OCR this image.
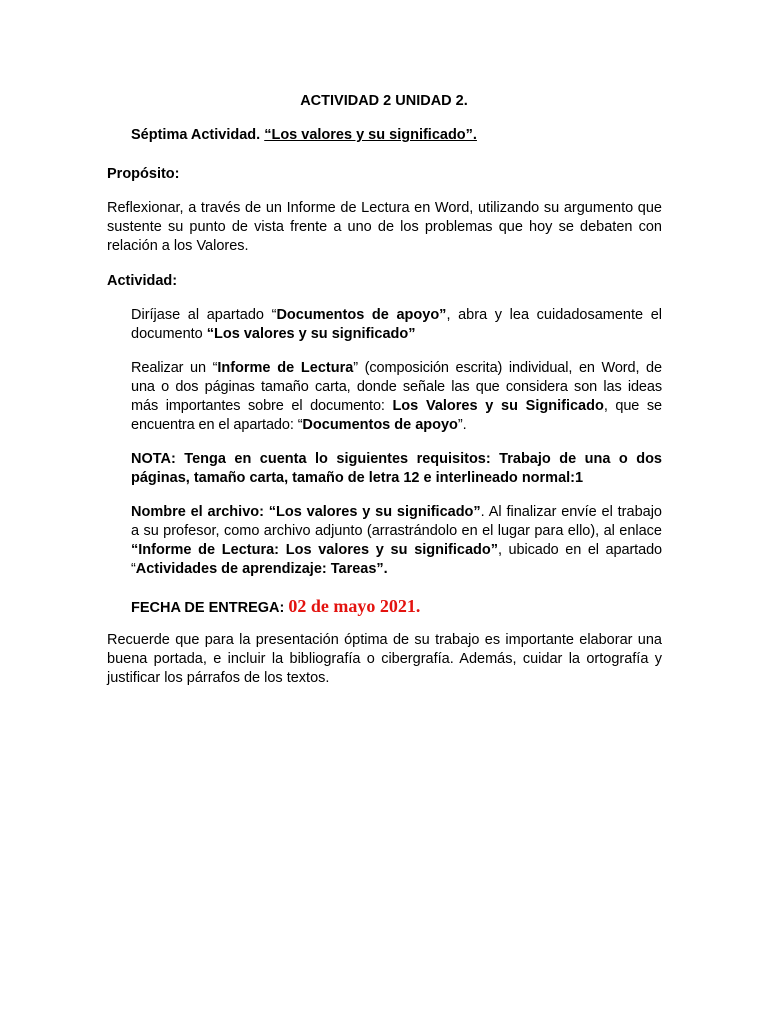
ACTIVIDAD 2 UNIDAD 2.
Séptima Actividad. “Los valores y su significado”.
Propósito:

Reflexionar, a través de un Informe de Lectura en Word, utilizando su argumento que sustente su punto de vista frente a uno de los problemas que hoy se debaten con relación a los Valores.

Actividad:

Diríjase al apartado “Documentos de apoyo”, abra y lea cuidadosamente el documento “Los valores y su significado”

Realizar un “Informe de Lectura” (composición escrita) individual, en Word, de una o dos páginas tamaño carta, donde señale las que considera son las ideas más importantes sobre el documento: Los Valores y su Significado, que se encuentra en el apartado: “Documentos de apoyo”.

NOTA: Tenga en cuenta lo siguientes requisitos: Trabajo de una o dos páginas, tamaño carta, tamaño de letra 12 e interlineado normal:1

Nombre el archivo: “Los valores y su significado”. Al finalizar envíe el trabajo a su profesor, como archivo adjunto (arrastrándolo en el lugar para ello), al enlace “Informe de Lectura: Los valores y su significado”, ubicado en el apartado “Actividades de aprendizaje: Tareas”.

FECHA DE ENTREGA: 02 de mayo 2021.

Recuerde que para la presentación óptima de su trabajo es importante elaborar una buena portada, e incluir la bibliografía o cibergrafía. Además, cuidar la ortografía y justificar los párrafos de los textos.
